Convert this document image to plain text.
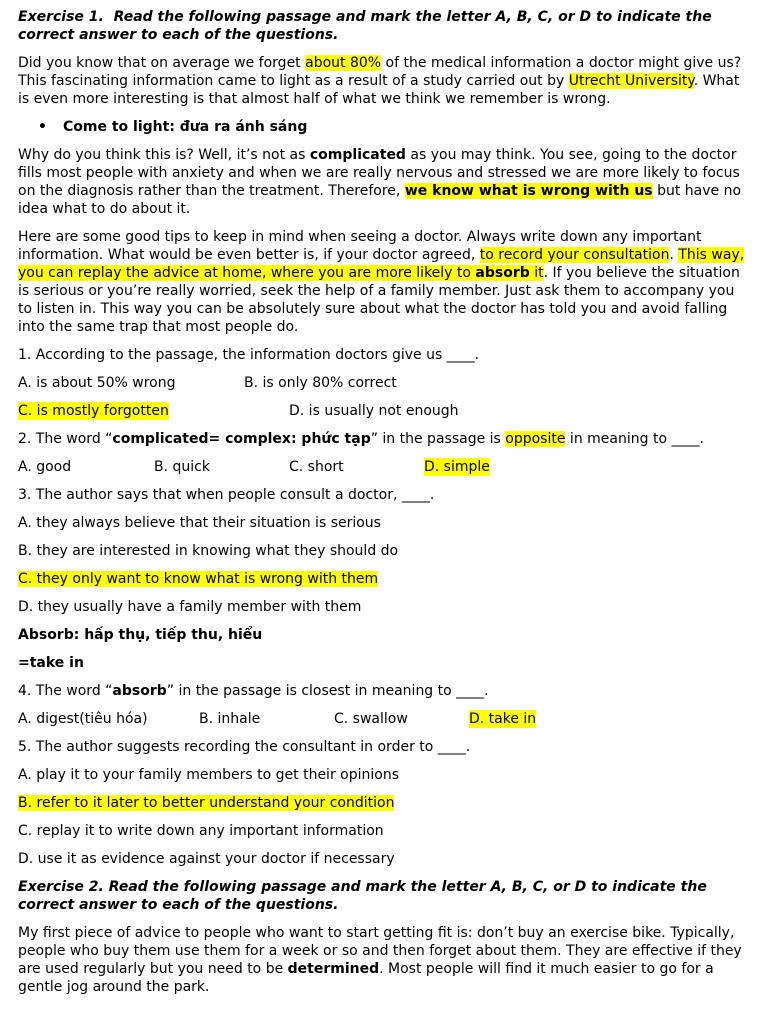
Exercise 1. Read the following passage and mark the letter A, B, C, or D to indicate the correct answer to each of the questions.

Did you know that on average we forget about 80% of the medical information a doctor might give us? This fascinating information came to light as a result of a study carried out by Utrecht University. What is even more interesting is that almost half of what we think we remember is wrong.

•	Come to light: đưa ra ánh sáng

Why do you think this is? Well, it’s not as complicated as you may think. You see, going to the doctor fills most people with anxiety and when we are really nervous and stressed we are more likely to focus on the diagnosis rather than the treatment. Therefore, we know what is wrong with us but have no idea what to do about it.

Here are some good tips to keep in mind when seeing a doctor. Always write down any important information. What would be even better is, if your doctor agreed, to record your consultation. This way, you can replay the advice at home, where you are more likely to absorb it. If you believe the situation is serious or you’re really worried, seek the help of a family member. Just ask them to accompany you to listen in. This way you can be absolutely sure about what the doctor has told you and avoid falling into the same trap that most people do.

1. According to the passage, the information doctors give us ____.

A. is about 50% wrong	B. is only 80% correct
C. is mostly forgotten	D. is usually not enough

2. The word “complicated= complex: phức tạp” in the passage is opposite in meaning to ____.

A. good	B. quick	C. short	D. simple

3. The author says that when people consult a doctor, ____.

A. they always believe that their situation is serious

B. they are interested in knowing what they should do

C. they only want to know what is wrong with them

D. they usually have a family member with them

Absorb: hấp thụ, tiếp thu, hiểu

=take in

4. The word “absorb” in the passage is closest in meaning to ____.

A. digest(tiêu hóa)	B. inhale	C. swallow	D. take in

5. The author suggests recording the consultant in order to ____.

A. play it to your family members to get their opinions

B. refer to it later to better understand your condition

C. replay it to write down any important information

D. use it as evidence against your doctor if necessary

Exercise 2. Read the following passage and mark the letter A, B, C, or D to indicate the correct answer to each of the questions.

My first piece of advice to people who want to start getting fit is: don’t buy an exercise bike. Typically, people who buy them use them for a week or so and then forget about them. They are effective if they are used regularly but you need to be determined. Most people will find it much easier to go for a gentle jog around the park.
